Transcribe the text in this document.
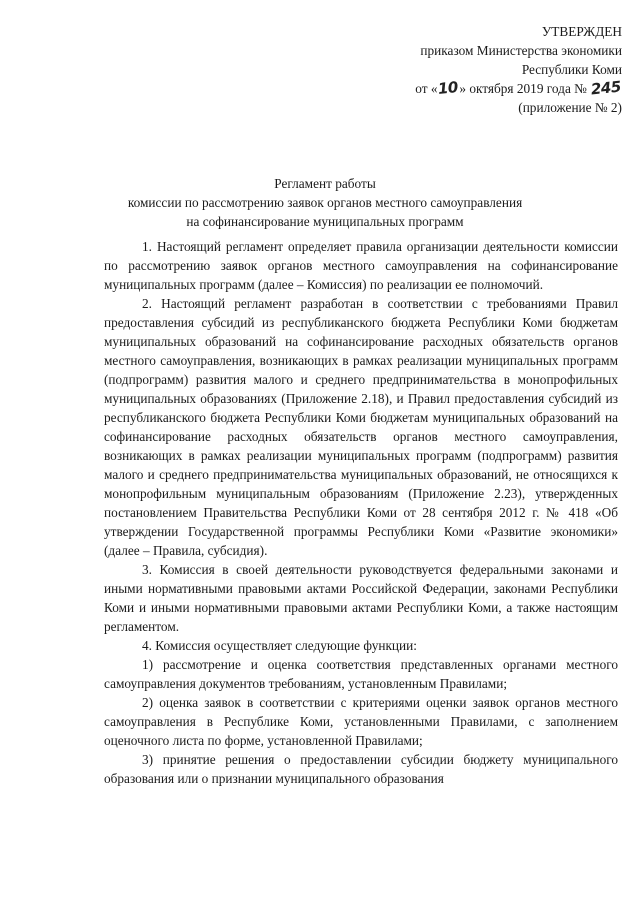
УТВЕРЖДЕН
приказом Министерства экономики
Республики Коми
от «10» октября 2019 года № 245
(приложение № 2)
Регламент работы
комиссии по рассмотрению заявок органов местного самоуправления
на софинансирование муниципальных программ

1. Настоящий регламент определяет правила организации деятельности комиссии по рассмотрению заявок органов местного самоуправления на софинансирование муниципальных программ (далее – Комиссия) по реализации ее полномочий.

2. Настоящий регламент разработан в соответствии с требованиями Правил предоставления субсидий из республиканского бюджета Республики Коми бюджетам муниципальных образований на софинансирование расходных обязательств органов местного самоуправления, возникающих в рамках реализации муниципальных программ (подпрограмм) развития малого и среднего предпринимательства в монопрофильных муниципальных образованиях (Приложение 2.18), и Правил предоставления субсидий из республиканского бюджета Республики Коми бюджетам муниципальных образований на софинансирование расходных обязательств органов местного самоуправления, возникающих в рамках реализации муниципальных программ (подпрограмм) развития малого и среднего предпринимательства муниципальных образований, не относящихся к монопрофильным муниципальным образованиям (Приложение 2.23), утвержденных постановлением Правительства Республики Коми от 28 сентября 2012 г. № 418 «Об утверждении Государственной программы Республики Коми «Развитие экономики» (далее – Правила, субсидия).

3. Комиссия в своей деятельности руководствуется федеральными законами и иными нормативными правовыми актами Российской Федерации, законами Республики Коми и иными нормативными правовыми актами Республики Коми, а также настоящим регламентом.

4. Комиссия осуществляет следующие функции:

1) рассмотрение и оценка соответствия представленных органами местного самоуправления документов требованиям, установленным Правилами;

2) оценка заявок в соответствии с критериями оценки заявок органов местного самоуправления в Республике Коми, установленными Правилами, с заполнением оценочного листа по форме, установленной Правилами;

3) принятие решения о предоставлении субсидии бюджету муниципального образования или о признании муниципального образования
